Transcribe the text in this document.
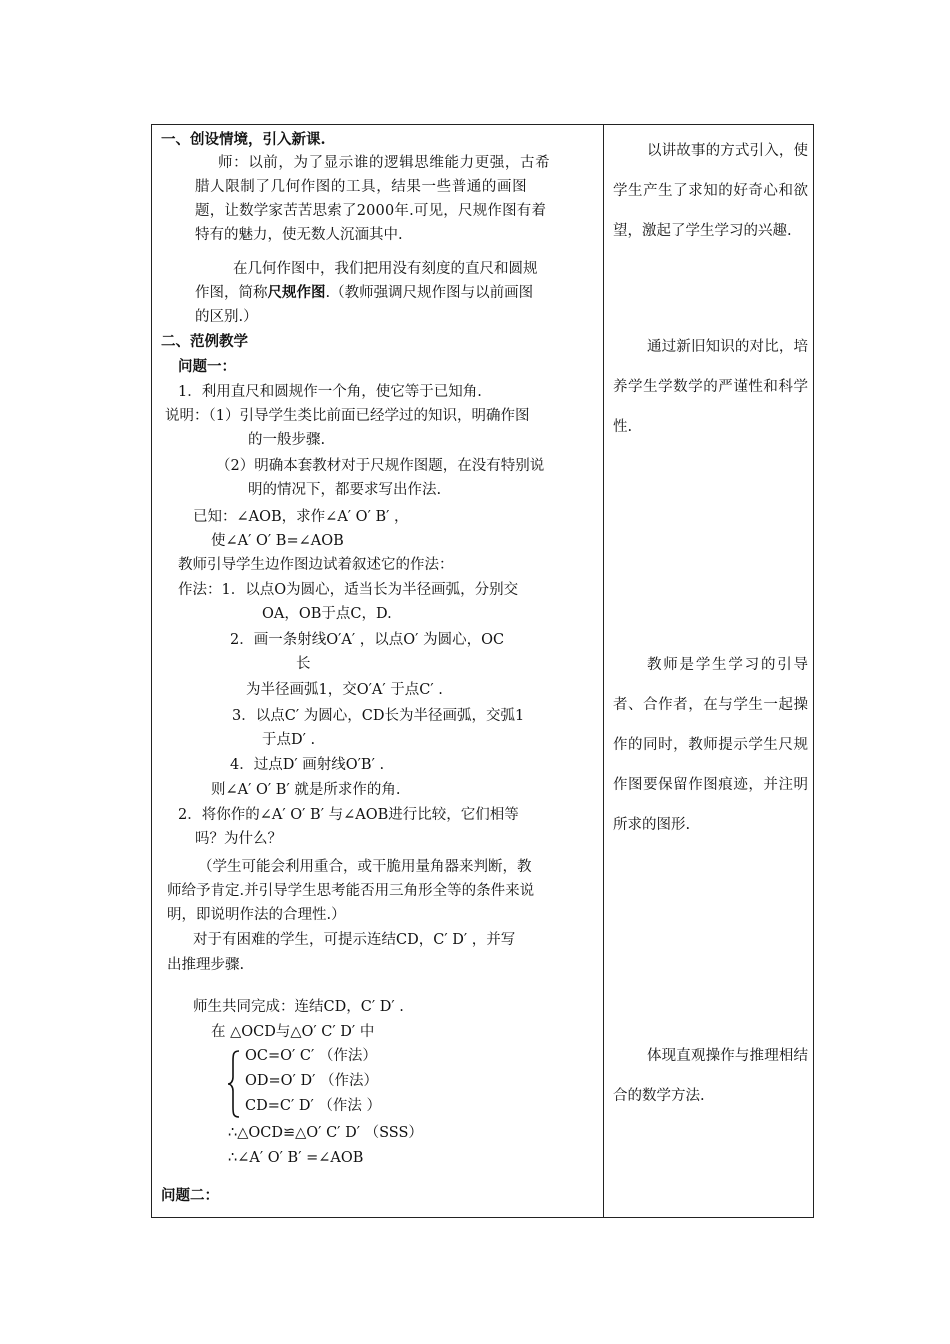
一、创设情境，引入新课.
师：以前，为了显示谁的逻辑思维能力更强，古希
腊人限制了几何作图的工具，结果一些普通的画图
题，让数学家苦苦思索了2000年.可见，尺规作图有着
特有的魅力，使无数人沉湎其中.
在几何作图中，我们把用没有刻度的直尺和圆规
作图，简称尺规作图.（教师强调尺规作图与以前画图
的区别.）
二、范例教学
问题一：
1．利用直尺和圆规作一个角，使它等于已知角.
说明：（1）引导学生类比前面已经学过的知识，明确作图
的一般步骤.
（2）明确本套教材对于尺规作图题，在没有特别说
明的情况下，都要求写出作法.
已知：∠AOB，求作∠A′ O′ B′ ，
使∠A′ O′ B=∠AOB
教师引导学生边作图边试着叙述它的作法：
作法：1．以点O为圆心，适当长为半径画弧，分别交
OA，OB于点C，D.
2．画一条射线O′A′ ，以点O′ 为圆心，OC
长
为半径画弧1，交O′A′ 于点C′ .
3．以点C′ 为圆心，CD长为半径画弧，交弧1
于点D′ .
4．过点D′ 画射线O′B′ .
则∠A′ O′ B′ 就是所求作的角.
2．将你作的∠A′ O′ B′ 与∠AOB进行比较，它们相等
吗？为什么？
（学生可能会利用重合，或干脆用量角器来判断，教
师给予肯定.并引导学生思考能否用三角形全等的条件来说
明，即说明作法的合理性.）
对于有困难的学生，可提示连结CD，C′ D′ ，并写
出推理步骤.
师生共同完成：连结CD，C′ D′ .
在 △OCD与△O′ C′ D′ 中
OC=O′ C′ （作法）
OD=O′ D′ （作法）
CD=C′ D′ （作法 ）
∴△OCD≌△O′ C′ D′ （SSS）
∴∠A′ O′ B′ =∠AOB
问题二：
以讲故事的方式引入，使学生产生了求知的好奇心和欲望，激起了学生学习的兴趣.
通过新旧知识的对比，培养学生学数学的严谨性和科学性.
教师是学生学习的引导者、合作者，在与学生一起操作的同时，教师提示学生尺规作图要保留作图痕迹，并注明所求的图形.
体现直观操作与推理相结合的数学方法.
